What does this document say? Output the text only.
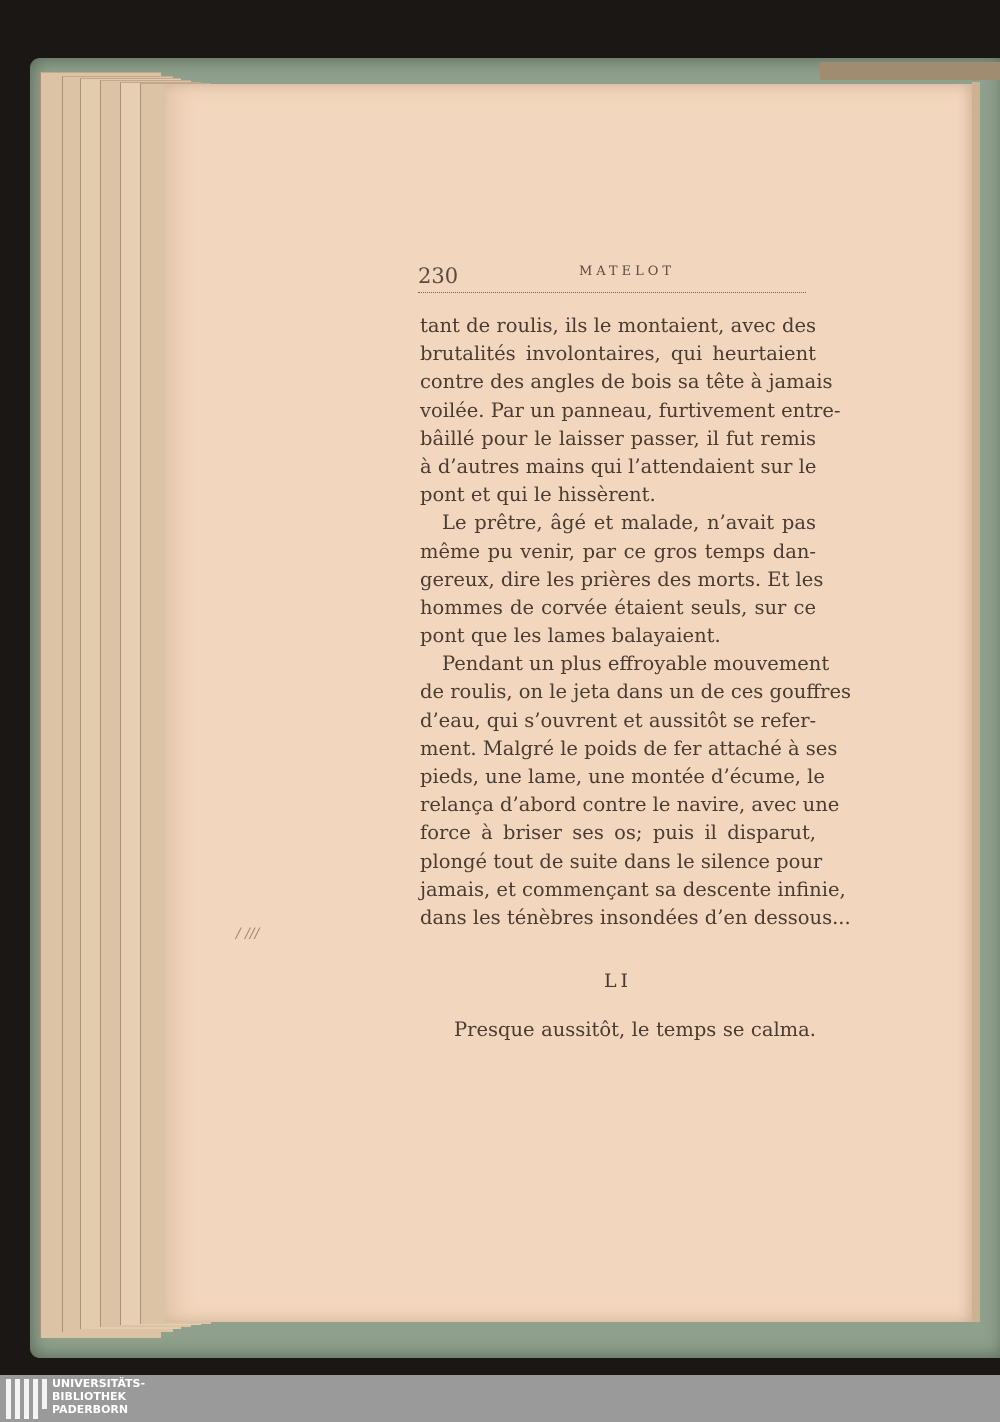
230	MATELOT
tant de roulis, ils le montaient, avec des
brutalités involontaires, qui heurtaient
contre des angles de bois sa tête à jamais
voilée. Par un panneau, furtivement entre-
bâillé pour le laisser passer, il fut remis
à d’autres mains qui l’attendaient sur le
pont et qui le hissèrent.
Le prêtre, âgé et malade, n’avait pas
même pu venir, par ce gros temps dan-
gereux, dire les prières des morts. Et les
hommes de corvée étaient seuls, sur ce
pont que les lames balayaient.
Pendant un plus effroyable mouvement
de roulis, on le jeta dans un de ces gouffres
d’eau, qui s’ouvrent et aussitôt se refer-
ment. Malgré le poids de fer attaché à ses
pieds, une lame, une montée d’écume, le
relança d’abord contre le navire, avec une
force à briser ses os; puis il disparut,
plongé tout de suite dans le silence pour
jamais, et commençant sa descente infinie,
dans les ténèbres insondées d’en dessous...
LI
Presque aussitôt, le temps se calma.
/ ///
UNIVERSITÄTS-
BIBLIOTHEK
PADERBORN
